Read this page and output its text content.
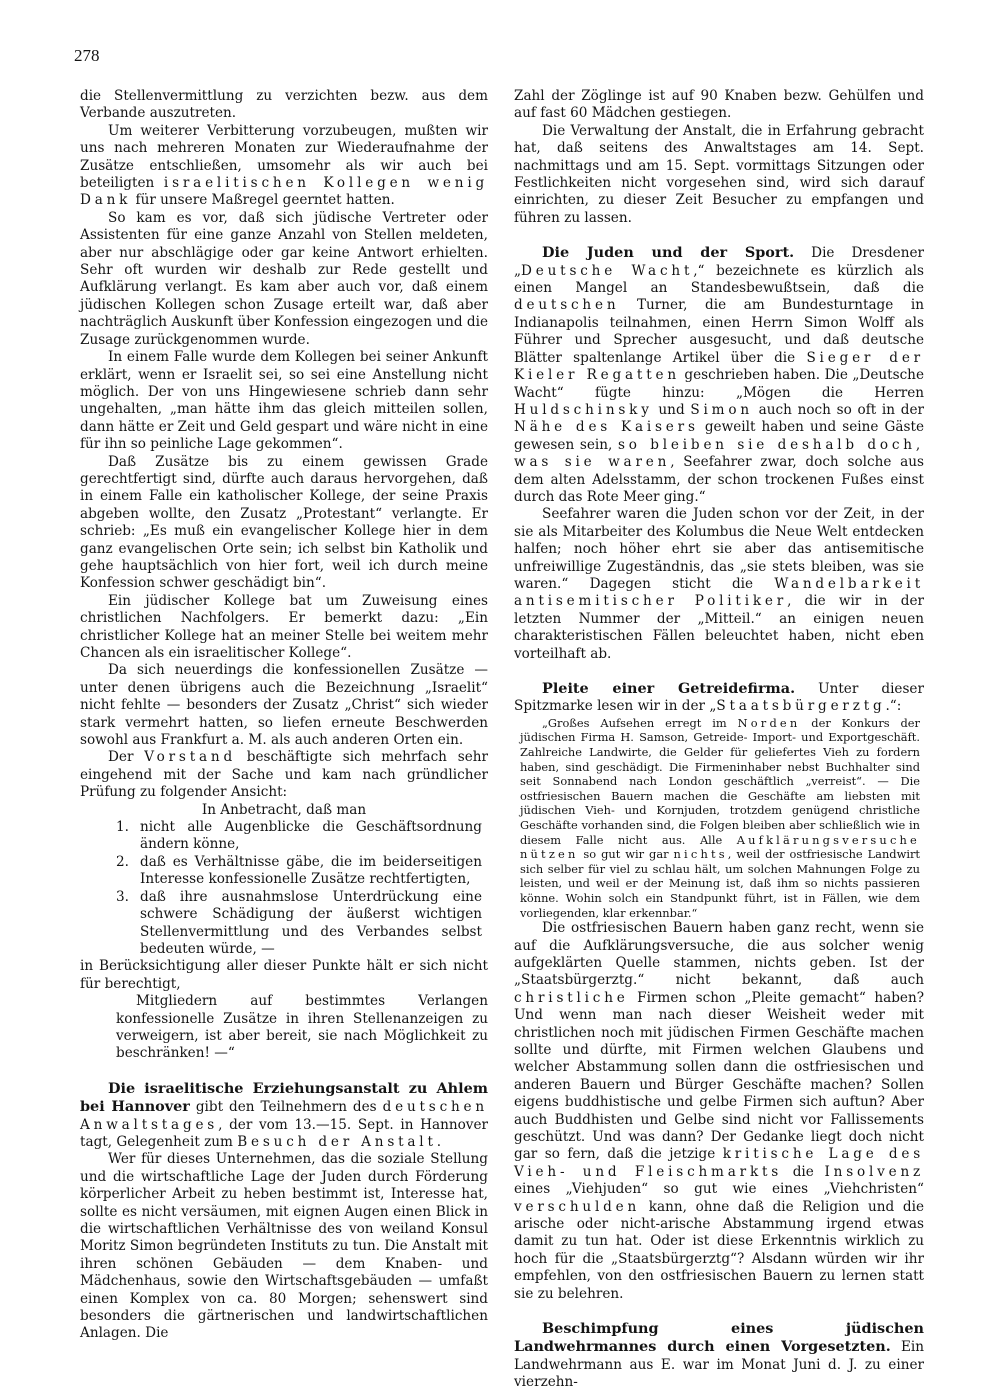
278

die Stellenvermittlung zu verzichten bezw. aus dem Verbande auszutreten.

Um weiterer Verbitterung vorzubeugen, mußten wir uns nach mehreren Monaten zur Wiederaufnahme der Zusätze entschließen, umsomehr als wir auch bei beteiligten israelitischen Kollegen wenig Dank für unsere Maßregel geerntet hatten.

So kam es vor, daß sich jüdische Vertreter oder Assistenten für eine ganze Anzahl von Stellen meldeten, aber nur abschlägige oder gar keine Antwort erhielten. Sehr oft wurden wir deshalb zur Rede gestellt und Aufklärung verlangt. Es kam aber auch vor, daß einem jüdischen Kollegen schon Zusage erteilt war, daß aber nachträglich Auskunft über Konfession eingezogen und die Zusage zurückgenommen wurde.

In einem Falle wurde dem Kollegen bei seiner Ankunft erklärt, wenn er Israelit sei, so sei eine Anstellung nicht möglich. Der von uns Hingewiesene schrieb dann sehr ungehalten, „man hätte ihm das gleich mitteilen sollen, dann hätte er Zeit und Geld gespart und wäre nicht in eine für ihn so peinliche Lage gekommen“.

Daß Zusätze bis zu einem gewissen Grade gerechtfertigt sind, dürfte auch daraus hervorgehen, daß in einem Falle ein katholischer Kollege, der seine Praxis abgeben wollte, den Zusatz „Protestant“ verlangte. Er schrieb: „Es muß ein evangelischer Kollege hier in dem ganz evangelischen Orte sein; ich selbst bin Katholik und gehe hauptsächlich von hier fort, weil ich durch meine Konfession schwer geschädigt bin“.

Ein jüdischer Kollege bat um Zuweisung eines christlichen Nachfolgers. Er bemerkt dazu: „Ein christlicher Kollege hat an meiner Stelle bei weitem mehr Chancen als ein israelitischer Kollege“.

Da sich neuerdings die konfessionellen Zusätze — unter denen übrigens auch die Bezeichnung „Israelit“ nicht fehlte — besonders der Zusatz „Christ“ sich wieder stark vermehrt hatten, so liefen erneute Beschwerden sowohl aus Frankfurt a. M. als auch anderen Orten ein.

Der Vorstand beschäftigte sich mehrfach sehr eingehend mit der Sache und kam nach gründlicher Prüfung zu folgender Ansicht:

In Anbetracht, daß man

1. nicht alle Augenblicke die Geschäftsordnung ändern könne,
2. daß es Verhältnisse gäbe, die im beiderseitigen Interesse konfessionelle Zusätze rechtfertigten,
3. daß ihre ausnahmslose Unterdrückung eine schwere Schädigung der äußerst wichtigen Stellenvermittlung und des Verbandes selbst bedeuten würde, —

in Berücksichtigung aller dieser Punkte hält er sich nicht für berechtigt,

Mitgliedern auf bestimmtes Verlangen konfessionelle Zusätze in ihren Stellenanzeigen zu verweigern, ist aber bereit, sie nach Möglichkeit zu beschränken! —“

Die israelitische Erziehungsanstalt zu Ahlem bei Hannover gibt den Teilnehmern des deutschen Anwaltstages, der vom 13.—15. Sept. in Hannover tagt, Gelegenheit zum Besuch der Anstalt.

Wer für dieses Unternehmen, das die soziale Stellung und die wirtschaftliche Lage der Juden durch Förderung körperlicher Arbeit zu heben bestimmt ist, Interesse hat, sollte es nicht versäumen, mit eignen Augen einen Blick in die wirtschaftlichen Verhältnisse des von weiland Konsul Moritz Simon begründeten Instituts zu tun. Die Anstalt mit ihren schönen Gebäuden — dem Knaben- und Mädchenhaus, sowie den Wirtschaftsgebäuden — umfaßt einen Komplex von ca. 80 Morgen; sehenswert sind besonders die gärtnerischen und landwirtschaftlichen Anlagen. Die

Zahl der Zöglinge ist auf 90 Knaben bezw. Gehülfen und auf fast 60 Mädchen gestiegen.

Die Verwaltung der Anstalt, die in Erfahrung gebracht hat, daß seitens des Anwaltstages am 14. Sept. nachmittags und am 15. Sept. vormittags Sitzungen oder Festlichkeiten nicht vorgesehen sind, wird sich darauf einrichten, zu dieser Zeit Besucher zu empfangen und führen zu lassen.

Die Juden und der Sport. Die Dresdener „Deutsche Wacht,“ bezeichnete es kürzlich als einen Mangel an Standesbewußtsein, daß die deutschen Turner, die am Bundesturntage in Indianapolis teilnahmen, einen Herrn Simon Wolff als Führer und Sprecher ausgesucht, und daß deutsche Blätter spaltenlange Artikel über die Sieger der Kieler Regatten geschrieben haben. Die „Deutsche Wacht“ fügte hinzu: „Mögen die Herren Huldschinsky und Simon auch noch so oft in der Nähe des Kaisers geweilt haben und seine Gäste gewesen sein, so bleiben sie deshalb doch, was sie waren, Seefahrer zwar, doch solche aus dem alten Adelsstamm, der schon trockenen Fußes einst durch das Rote Meer ging.“

Seefahrer waren die Juden schon vor der Zeit, in der sie als Mitarbeiter des Kolumbus die Neue Welt entdecken halfen; noch höher ehrt sie aber das antisemitische unfreiwillige Zugeständnis, das „sie stets bleiben, was sie waren.“ Dagegen sticht die Wandelbarkeit antisemitischer Politiker, die wir in der letzten Nummer der „Mitteil.“ an einigen neuen charakteristischen Fällen beleuchtet haben, nicht eben vorteilhaft ab.

Pleite einer Getreidefirma. Unter dieser Spitzmarke lesen wir in der „Staatsbürgerztg.“:

„Großes Aufsehen erregt im Norden der Konkurs der jüdischen Firma H. Samson, Getreide- Import- und Exportgeschäft. Zahlreiche Landwirte, die Gelder für geliefertes Vieh zu fordern haben, sind geschädigt. Die Firmeninhaber nebst Buchhalter sind seit Sonnabend nach London geschäftlich „verreist“. — Die ostfriesischen Bauern machen die Geschäfte am liebsten mit jüdischen Vieh- und Kornjuden, trotzdem genügend christliche Geschäfte vorhanden sind, die Folgen bleiben aber schließlich wie in diesem Falle nicht aus. Alle Aufklärungsversuche nützen so gut wir gar nichts, weil der ostfriesische Landwirt sich selber für viel zu schlau hält, um solchen Mahnungen Folge zu leisten, und weil er der Meinung ist, daß ihm so nichts passieren könne. Wohin solch ein Standpunkt führt, ist in Fällen, wie dem vorliegenden, klar erkennbar.“

Die ostfriesischen Bauern haben ganz recht, wenn sie auf die Aufklärungsversuche, die aus solcher wenig aufgeklärten Quelle stammen, nichts geben. Ist der „Staatsbürgerztg.“ nicht bekannt, daß auch christliche Firmen schon „Pleite gemacht“ haben? Und wenn man nach dieser Weisheit weder mit christlichen noch mit jüdischen Firmen Geschäfte machen sollte und dürfte, mit Firmen welchen Glaubens und welcher Abstammung sollen dann die ostfriesischen und anderen Bauern und Bürger Geschäfte machen? Sollen eigens buddhistische und gelbe Firmen sich auftun? Aber auch Buddhisten und Gelbe sind nicht vor Fallissements geschützt. Und was dann? Der Gedanke liegt doch nicht gar so fern, daß die jetzige kritische Lage des Vieh- und Fleischmarkts die Insolvenz eines „Viehjuden“ so gut wie eines „Viehchristen“ verschulden kann, ohne daß die Religion und die arische oder nicht-arische Abstammung irgend etwas damit zu tun hat. Oder ist diese Erkenntnis wirklich zu hoch für die „Staatsbürgerztg“? Alsdann würden wir ihr empfehlen, von den ostfriesischen Bauern zu lernen statt sie zu belehren.

Beschimpfung eines jüdischen Landwehrmannes durch einen Vorgesetzten. Ein Landwehrmann aus E. war im Monat Juni d. J. zu einer vierzehn-
